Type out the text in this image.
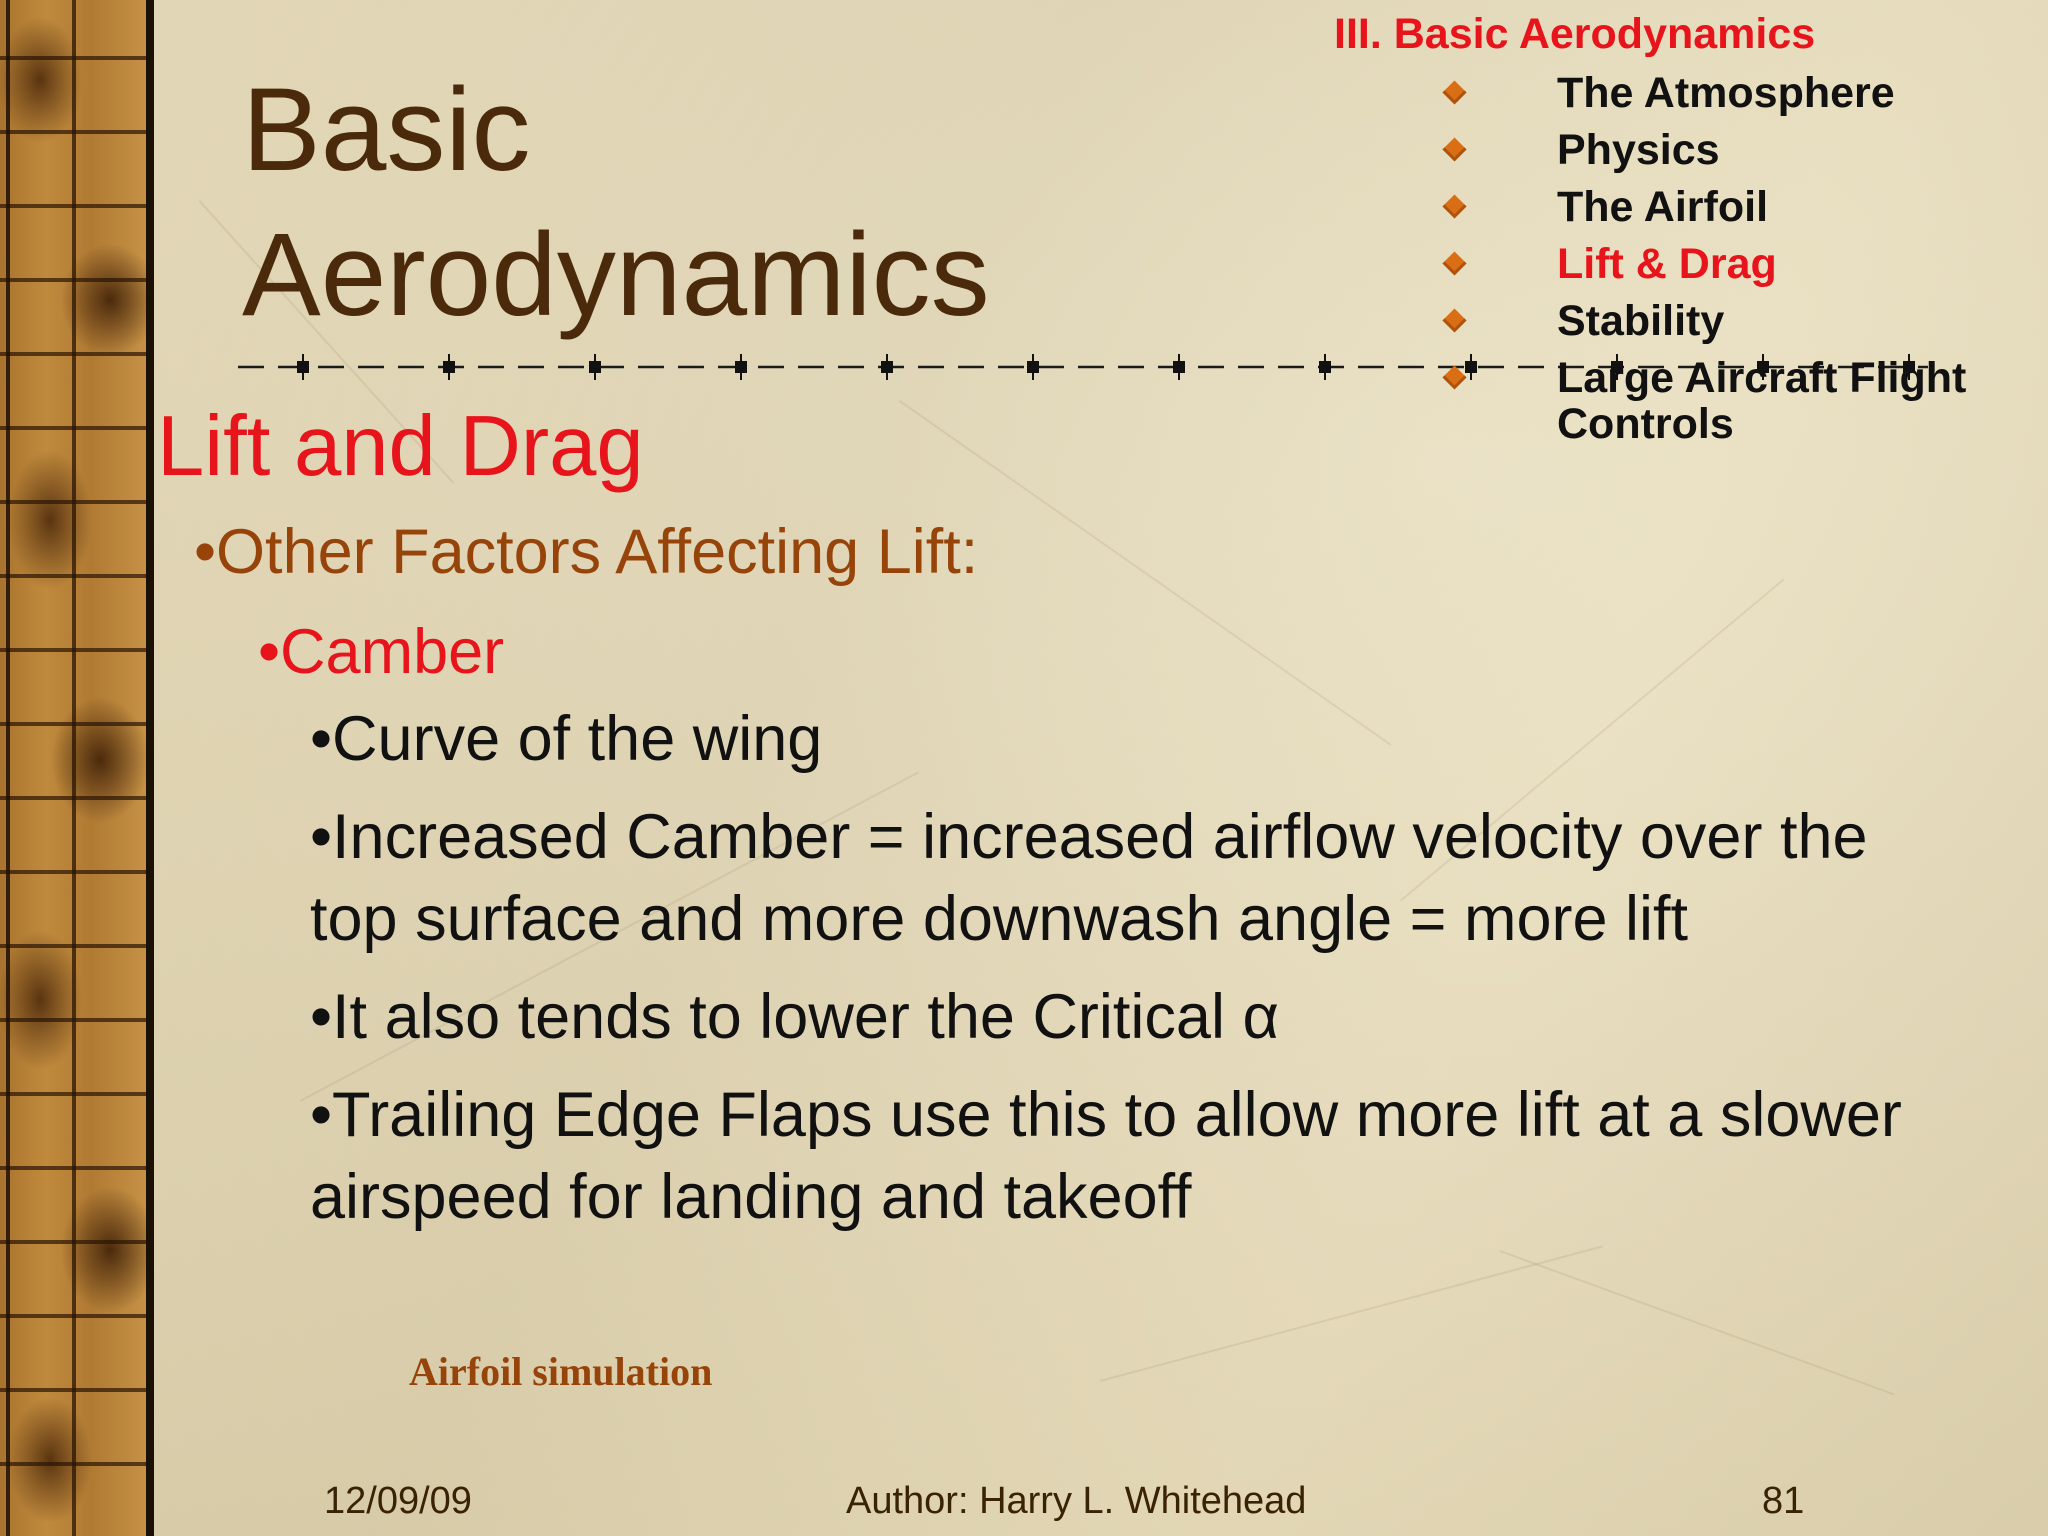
Basic
Aerodynamics
III. Basic Aerodynamics
The Atmosphere
Physics
The Airfoil
Lift & Drag
Stability
Large Aircraft Flight Controls
Lift and Drag
•Other Factors Affecting Lift:
•Camber
•Curve of the wing
•Increased Camber = increased airflow velocity over the top surface and more downwash angle = more lift
•It also tends to lower the Critical α
•Trailing Edge Flaps use this to allow more lift at a slower airspeed for landing and takeoff
Airfoil simulation
12/09/09	Author: Harry L. Whitehead	81
